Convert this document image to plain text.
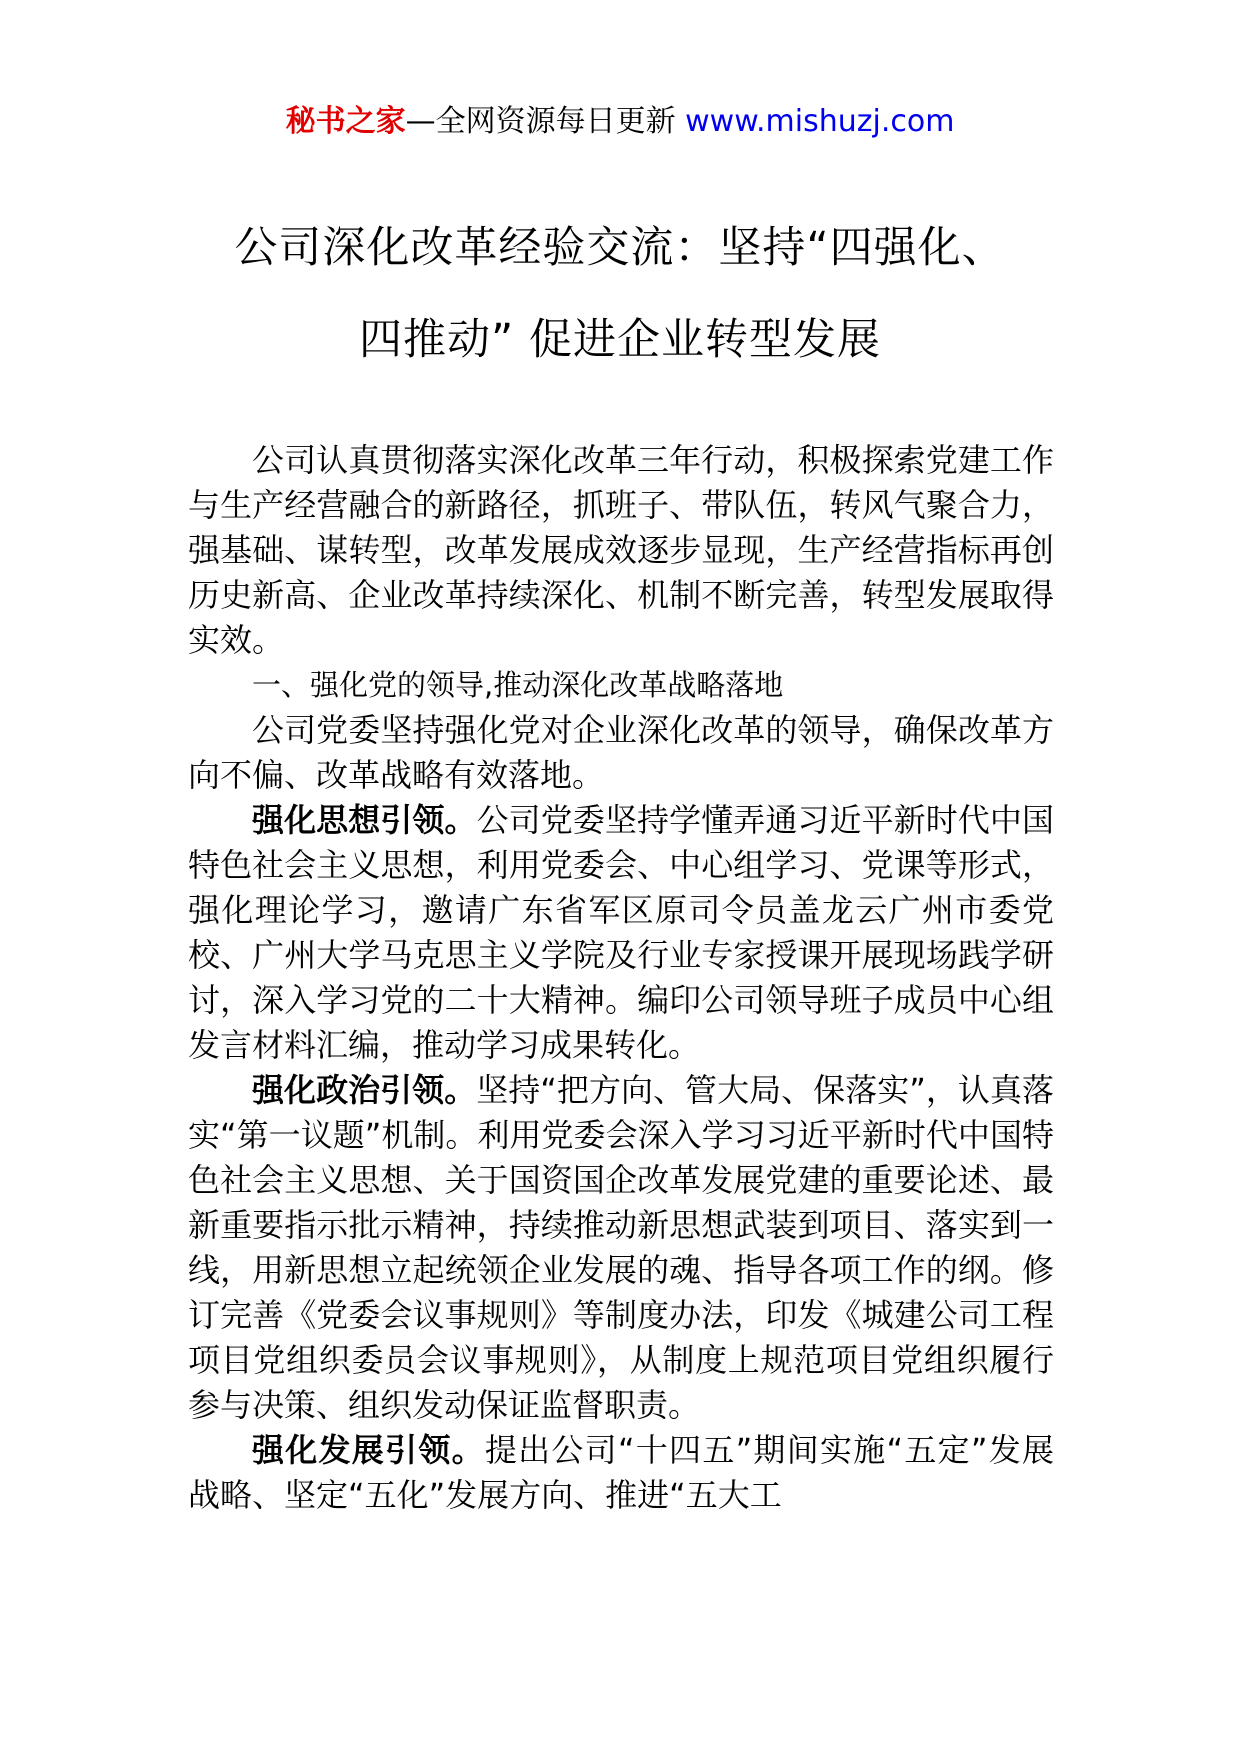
秘书之家—全网资源每日更新 www.mishuzj.com
公司深化改革经验交流：坚持“四强化、
四推动” 促进企业转型发展

公司认真贯彻落实深化改革三年行动，积极探索党建工作与生产经营融合的新路径，抓班子、带队伍，转风气聚合力，强基础、谋转型，改革发展成效逐步显现，生产经营指标再创历史新高、企业改革持续深化、机制不断完善，转型发展取得实效。

一、强化党的领导,推动深化改革战略落地

公司党委坚持强化党对企业深化改革的领导，确保改革方向不偏、改革战略有效落地。

强化思想引领。公司党委坚持学懂弄通习近平新时代中国特色社会主义思想，利用党委会、中心组学习、党课等形式，强化理论学习，邀请广东省军区原司令员盖龙云广州市委党校、广州大学马克思主义学院及行业专家授课开展现场践学研讨，深入学习党的二十大精神。编印公司领导班子成员中心组发言材料汇编，推动学习成果转化。

强化政治引领。坚持“把方向、管大局、保落实”，认真落实“第一议题”机制。利用党委会深入学习习近平新时代中国特色社会主义思想、关于国资国企改革发展党建的重要论述、最新重要指示批示精神，持续推动新思想武装到项目、落实到一线，用新思想立起统领企业发展的魂、指导各项工作的纲。修订完善《党委会议事规则》等制度办法，印发《城建公司工程项目党组织委员会议事规则》，从制度上规范项目党组织履行参与决策、组织发动保证监督职责。

强化发展引领。提出公司“十四五”期间实施“五定”发展战略、坚定“五化”发展方向、推进“五大工
